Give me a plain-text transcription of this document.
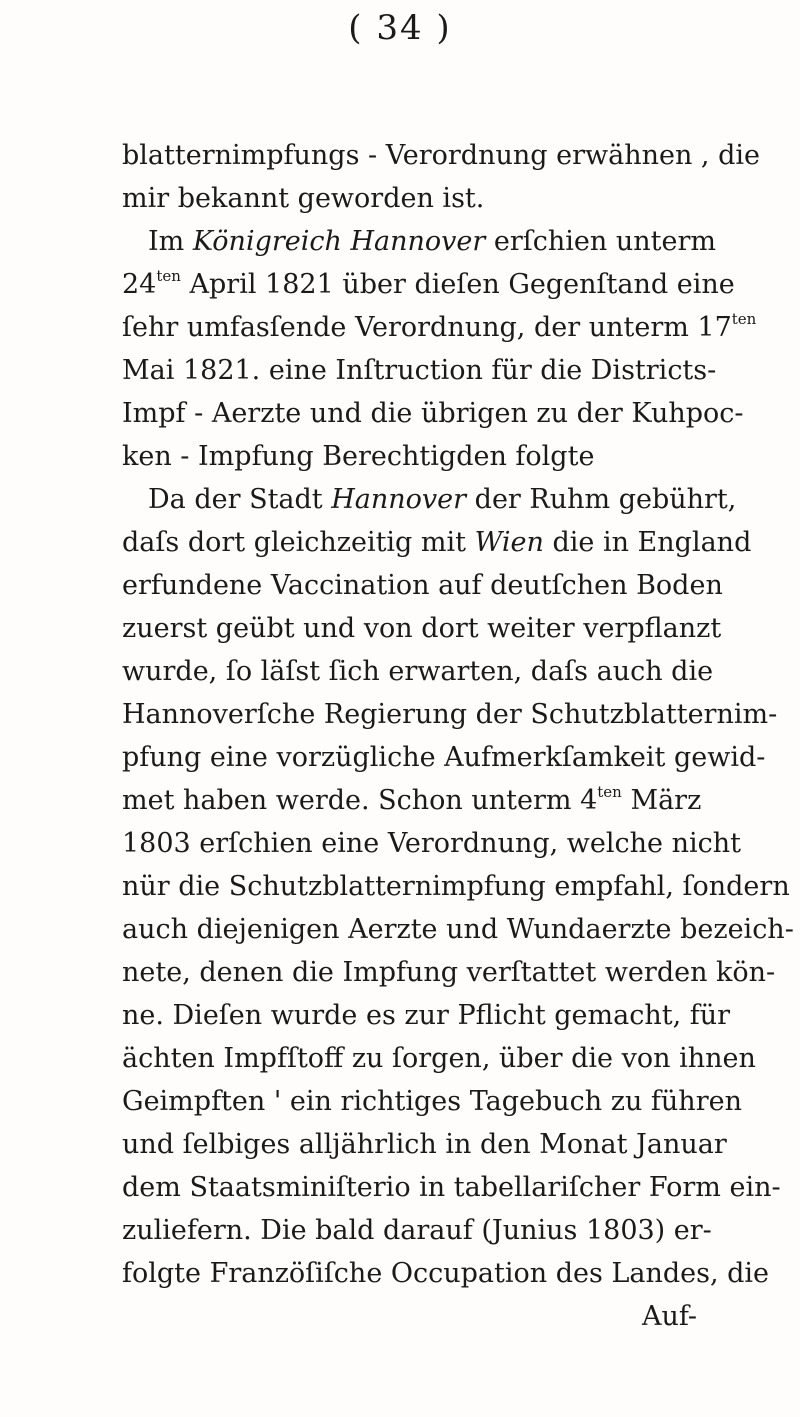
( 34 )
blatternimpfungs - Verordnung erwähnen , die
mir bekannt geworden ist.
Im Königreich Hannover erſchien unterm
$24^{ten}$ April 1821 über dieſen Gegenſtand eine
ſehr umfasſende Verordnung, der unterm $17^{ten}$
Mai 1821. eine Inſtruction für die Districts-
Impf - Aerzte und die übrigen zu der Kuhpoc-
ken - Impfung Berechtigden folgte
Da der Stadt Hannover der Ruhm gebührt,
daſs dort gleichzeitig mit Wien die in England
erfundene Vaccination auf deutſchen Boden
zuerst geübt und von dort weiter verpflanzt
wurde, ſo läſst ſich erwarten, daſs auch die
Hannoverſche Regierung der Schutzblatternim-
pfung eine vorzügliche Aufmerkſamkeit gewid-
met haben werde. Schon unterm $4^{ten}$ März
1803 erſchien eine Verordnung, welche nicht
nür die Schutzblatternimpfung empfahl, ſondern
auch diejenigen Aerzte und Wundaerzte bezeich-
nete, denen die Impfung verſtattet werden kön-
ne. Dieſen wurde es zur Pflicht gemacht, für
ächten Impfſtoff zu ſorgen, über die von ihnen
Geimpften ' ein richtiges Tagebuch zu führen
und ſelbiges alljährlich in den Monat Januar
dem Staatsminiſterio in tabellariſcher Form ein-
zuliefern. Die bald darauf (Junius 1803) er-
folgte Franzöſiſche Occupation des Landes, die
Auf-
